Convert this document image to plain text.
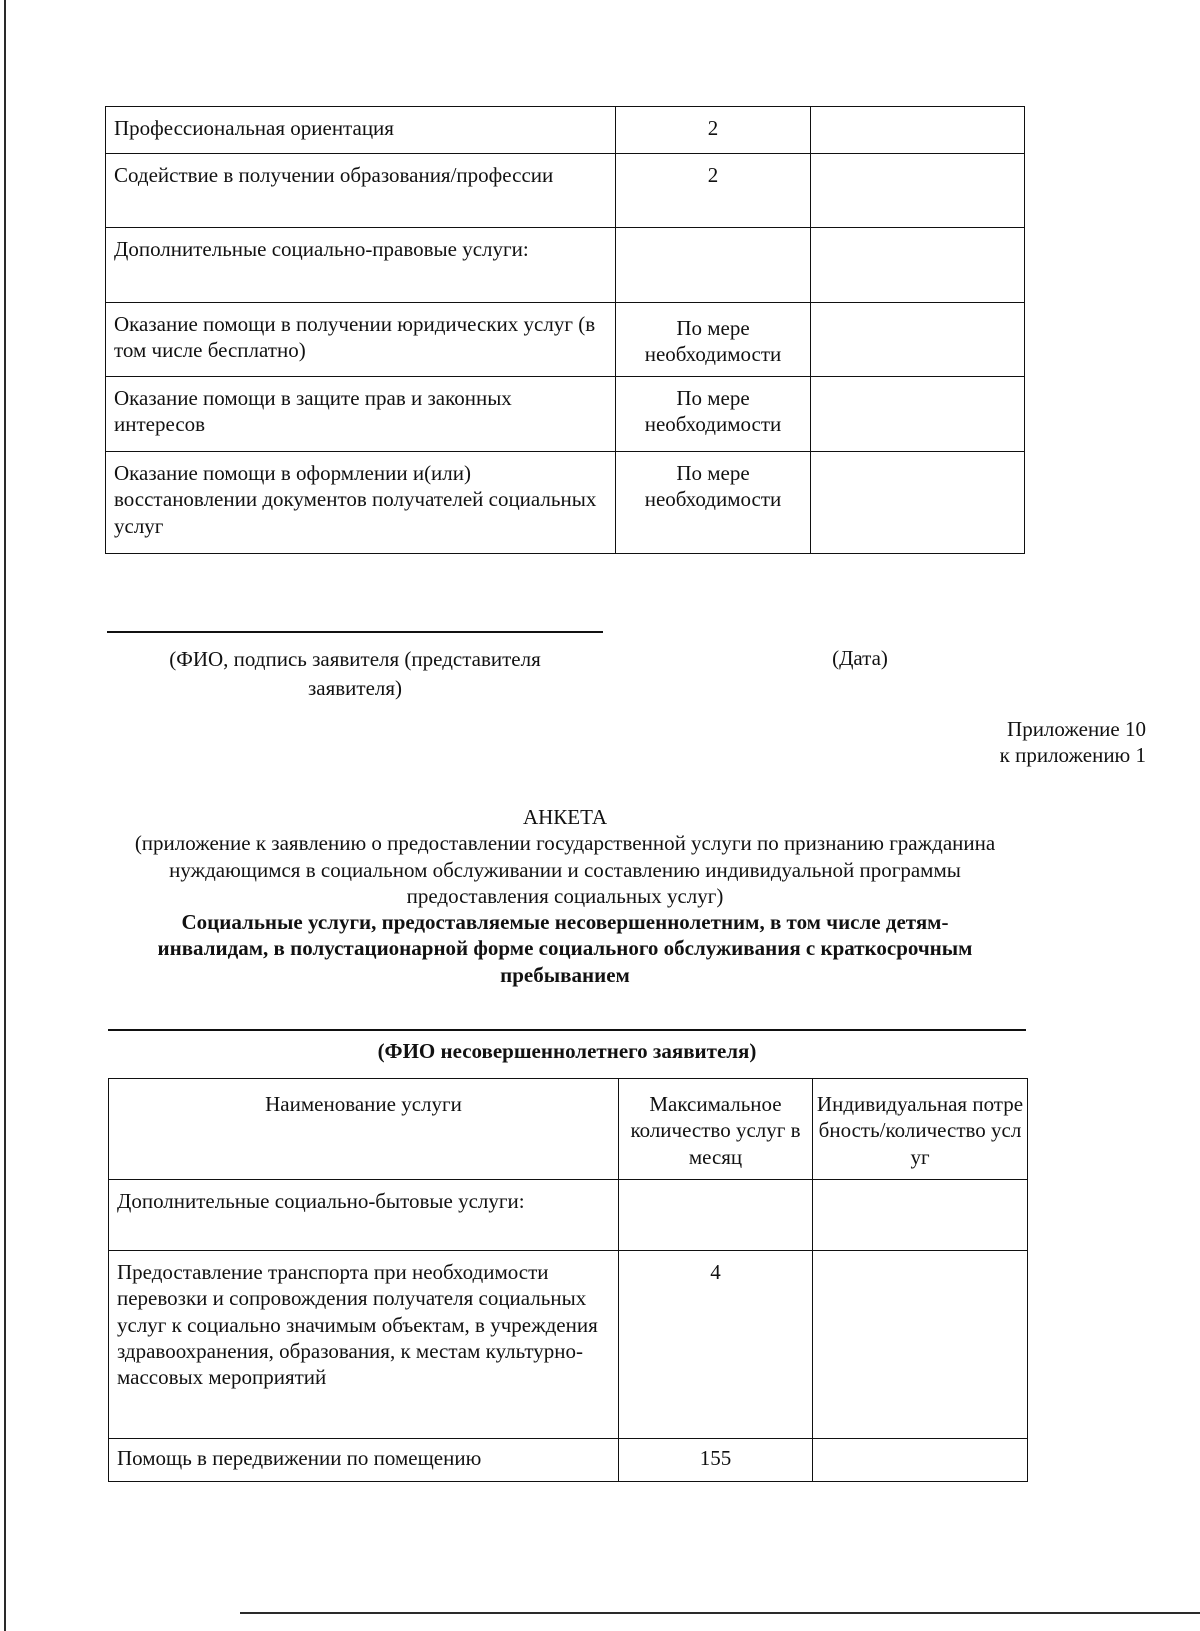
Профессиональная ориентация	2	
Содействие в получении образования/профессии	2	
Дополнительные социально-правовые услуги:		
Оказание помощи в получении юридических услуг (в том числе бесплатно)	По мере необходимости	
Оказание помощи в защите прав и законных интересов	По мере необходимости	
Оказание помощи в оформлении и(или) восстановлении документов получателей социальных услуг	По мере необходимости	
(ФИО, подпись заявителя (представителя заявителя)
(Дата)
Приложение 10
к приложению 1
АНКЕТА
(приложение к заявлению о предоставлении государственной услуги по признанию гражданина нуждающимся в социальном обслуживании и составлению индивидуальной программы предоставления социальных услуг)
Социальные услуги, предоставляемые несовершеннолетним, в том числе детям-инвалидам, в полустационарной форме социального обслуживания с краткосрочным пребыванием
(ФИО несовершеннолетнего заявителя)
Наименование услуги	Максимальное количество услуг в месяц	Индивидуальная потребность/количество услуг
Дополнительные социально-бытовые услуги:		
Предоставление транспорта при необходимости перевозки и сопровождения получателя социальных услуг к социально значимым объектам, в учреждения здравоохранения, образования, к местам культурно-массовых мероприятий	4	
Помощь в передвижении по помещению	155	
